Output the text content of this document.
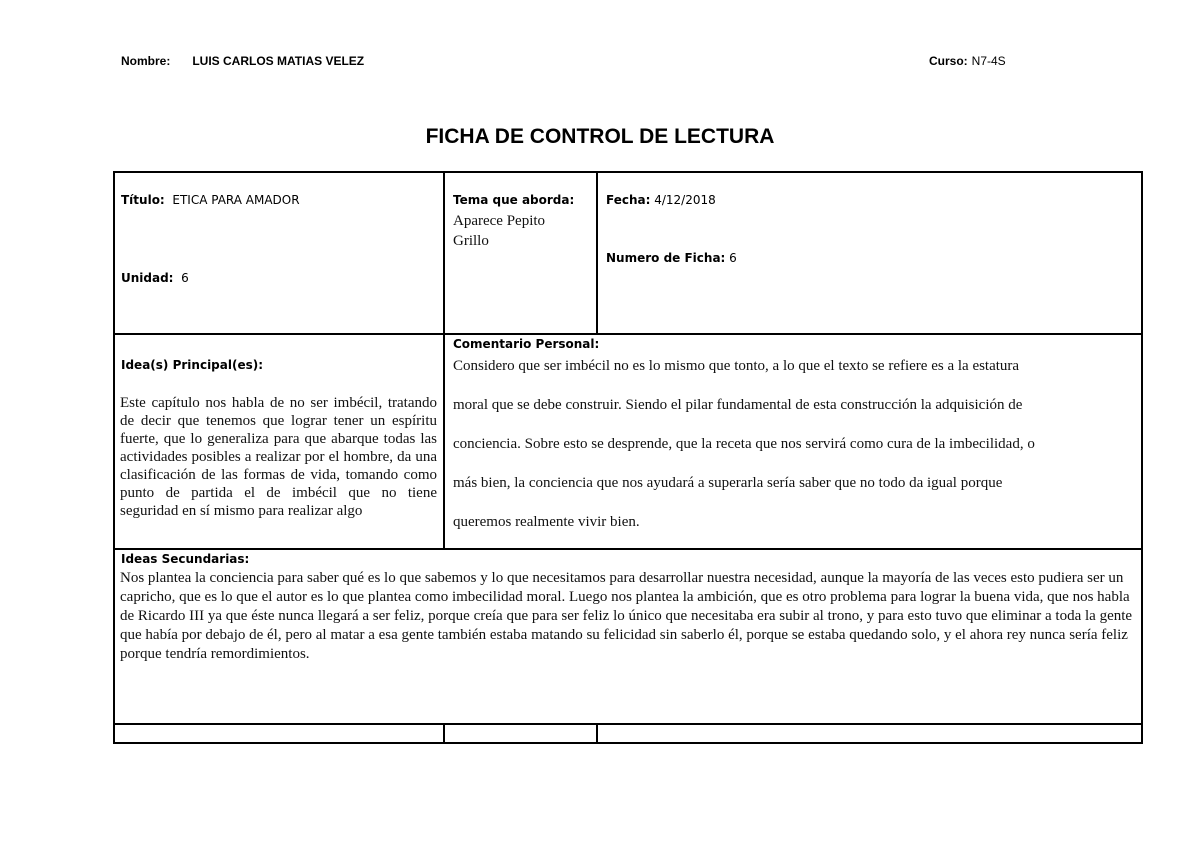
Nombre: LUIS CARLOS MATIAS VELEZ	Curso: N7-4S
FICHA DE CONTROL DE LECTURA
Título: ETICA PARA AMADOR
Unidad: 6
Tema que aborda:
Aparece Pepito Grillo
Fecha: 4/12/2018
Numero de Ficha: 6
Idea(s) Principal(es):
Este capítulo nos habla de no ser imbécil, tratando de decir que tenemos que lograr tener un espíritu fuerte, que lo generaliza para que abarque todas las actividades posibles a realizar por el hombre, da una clasificación de las formas de vida, tomando como punto de partida el de imbécil que no tiene seguridad en sí mismo para realizar algo
Comentario Personal:
Considero que ser imbécil no es lo mismo que tonto, a lo que el texto se refiere es a la estatura
moral que se debe construir. Siendo el pilar fundamental de esta construcción la adquisición de
conciencia. Sobre esto se desprende, que la receta que nos servirá como cura de la imbecilidad, o
más bien, la conciencia que nos ayudará a superarla sería saber que no todo da igual porque
queremos realmente vivir bien.
Ideas Secundarias:
Nos plantea la conciencia para saber qué es lo que sabemos y lo que necesitamos para desarrollar nuestra necesidad, aunque la mayoría de las veces esto pudiera ser un capricho, que es lo que el autor es lo que plantea como imbecilidad moral. Luego nos plantea la ambición, que es otro problema para lograr la buena vida, que nos habla de Ricardo III ya que éste nunca llegará a ser feliz, porque creía que para ser feliz lo único que necesitaba era subir al trono, y para esto tuvo que eliminar a toda la gente que había por debajo de él, pero al matar a esa gente también estaba matando su felicidad sin saberlo él, porque se estaba quedando solo, y el ahora rey nunca sería feliz porque tendría remordimientos.
